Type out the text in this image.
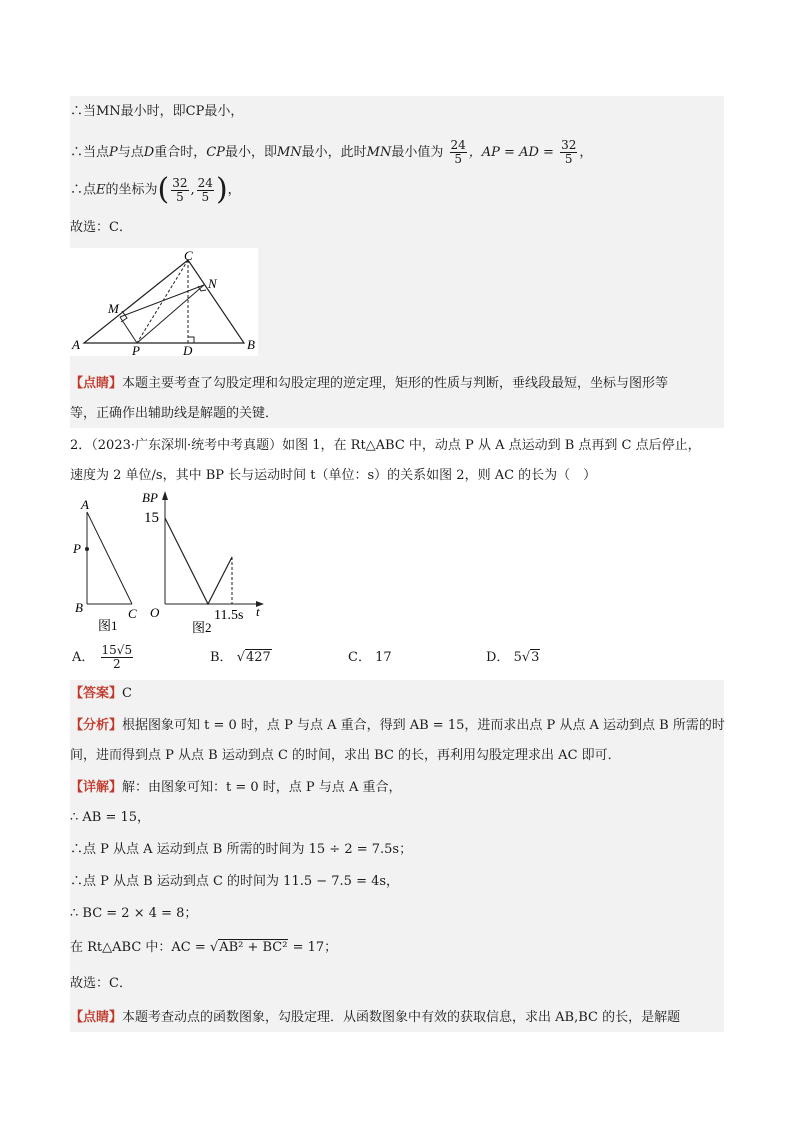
∴当MN最小时，即CP最小，
∴当点P与点D重合时，CP最小，即MN最小，此时MN最小值为 $\frac{24}{5}$ ，AP = AD = $\frac{32}{5}$ ，
∴点E的坐标为( $\frac{32}{5}$ , $\frac{24}{5}$ )，
故选：C．
C
N
M
A	P	D	B
【点睛】本题主要考查了勾股定理和勾股定理的逆定理，矩形的性质与判断，垂线段最短，坐标与图形等
等，正确作出辅助线是解题的关键．
2．（2023·广东深圳·统考中考真题）如图 1，在 Rt△ABC 中，动点 P 从 A 点运动到 B 点再到 C 点后停止，
速度为 2 单位/s，其中 BP 长与运动时间 t（单位：s）的关系如图 2，则 AC 的长为（　）
A
P
B	C
图1
BP
15
O	11.5s t
图2
A． $\frac{15√5}{2}$	B． √427	C． 17	D． 5√3
【答案】C
【分析】根据图象可知 t = 0 时，点 P 与点 A 重合，得到 AB = 15，进而求出点 P 从点 A 运动到点 B 所需的时
间，进而得到点 P 从点 B 运动到点 C 的时间，求出 BC 的长，再利用勾股定理求出 AC 即可．
【详解】解：由图象可知：t = 0 时，点 P 与点 A 重合，
∴ AB = 15，
∴点 P 从点 A 运动到点 B 所需的时间为 15 ÷ 2 = 7.5s；
∴点 P 从点 B 运动到点 C 的时间为 11.5 − 7.5 = 4s，
∴ BC = 2 × 4 = 8；
在 Rt△ABC 中：AC = √AB² + BC² = 17；
故选：C．
【点睛】本题考查动点的函数图象，勾股定理．从函数图象中有效的获取信息，求出 AB,BC 的长，是解题
